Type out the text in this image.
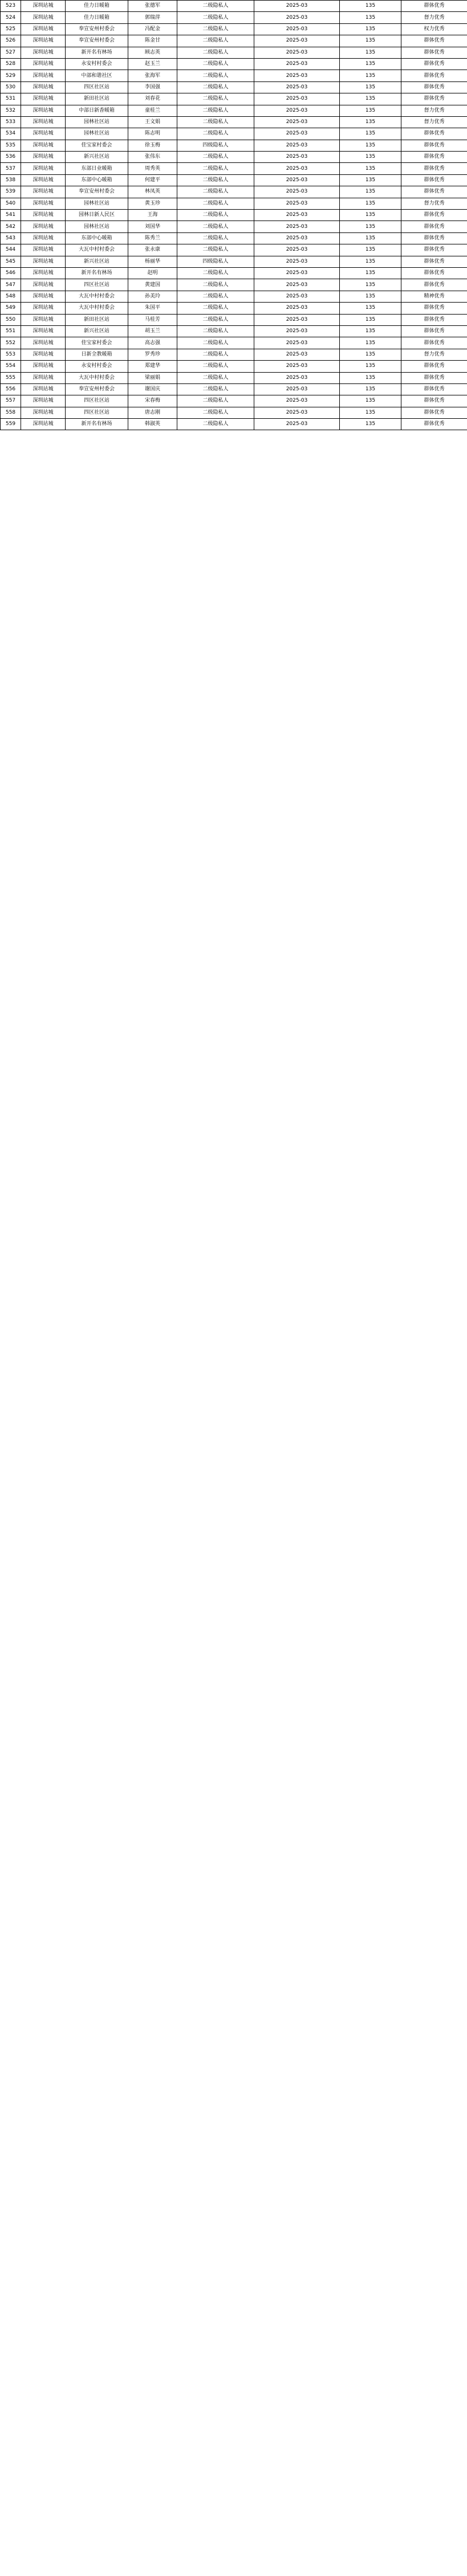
523	深圳站城	佳力日暖箱	张德军	二级隐私人	2025-03	135	群体优秀
524	深圳站城	佳力日暖箱	郭瑞萍	二级隐私人	2025-03	135	督力优秀
525	深圳站城	奉宣安州村委会	冯配金	二级隐私人	2025-03	135	权力优秀
526	深圳站城	奉宣安州村委会	陈金甘	二级隐私人	2025-03	135	群体优秀
527	深圳站城	新开名有林场	顾志英	二级隐私人	2025-03	135	群体优秀
528	深圳站城	永安村村委会	赵玉兰	二级隐私人	2025-03	135	群体优秀
529	深圳站城	中部和谐社区	张海军	二级隐私人	2025-03	135	群体优秀
530	深圳站城	四区社区站	李国强	二级隐私人	2025-03	135	群体优秀
531	深圳站城	新田社区站	刘春花	二级隐私人	2025-03	135	群体优秀
532	深圳站城	中部日新香暖箱	童桂兰	二级隐私人	2025-03	135	督力优秀
533	深圳站城	园林社区站	王文娟	二级隐私人	2025-03	135	督力优秀
534	深圳站城	园林社区站	陈志明	二级隐私人	2025-03	135	群体优秀
535	深圳站城	佳宝家村委会	徐玉梅	四级隐私人	2025-03	135	群体优秀
536	深圳站城	新兴社区站	张伟东	二级隐私人	2025-03	135	群体优秀
537	深圳站城	东部日业暖箱	周秀英	二级隐私人	2025-03	135	群体优秀
538	深圳站城	东部中心暖箱	何建平	二级隐私人	2025-03	135	群体优秀
539	深圳站城	奉宣安州村委会	林凤英	二级隐私人	2025-03	135	群体优秀
540	深圳站城	园林社区站	黄玉珍	二级隐私人	2025-03	135	督力优秀
541	深圳站城	园林日新人民区	王海	二级隐私人	2025-03	135	群体优秀
542	深圳站城	园林社区站	刘国华	二级隐私人	2025-03	135	群体优秀
543	深圳站城	东部中心暖箱	陈秀兰	二级隐私人	2025-03	135	群体优秀
544	深圳站城	大瓦中村村委会	张永康	二级隐私人	2025-03	135	群体优秀
545	深圳站城	新兴社区站	杨丽华	四级隐私人	2025-03	135	群体优秀
546	深圳站城	新开名有林场	赵明	二级隐私人	2025-03	135	群体优秀
547	深圳站城	四区社区站	黄建国	二级隐私人	2025-03	135	群体优秀
548	深圳站城	大瓦中村村委会	孙美玲	二级隐私人	2025-03	135	精神优秀
549	深圳站城	大瓦中村村委会	朱国平	二级隐私人	2025-03	135	群体优秀
550	深圳站城	新田社区站	马桂芳	二级隐私人	2025-03	135	群体优秀
551	深圳站城	新兴社区站	胡玉兰	二级隐私人	2025-03	135	群体优秀
552	深圳站城	佳宝家村委会	高志强	二级隐私人	2025-03	135	群体优秀
553	深圳站城	日新全教暖箱	罗秀珍	二级隐私人	2025-03	135	督力优秀
554	深圳站城	永安村村委会	郑建华	二级隐私人	2025-03	135	群体优秀
555	深圳站城	大瓦中村村委会	梁丽娟	二级隐私人	2025-03	135	群体优秀
556	深圳站城	奉宣安州村委会	谢国庆	二级隐私人	2025-03	135	群体优秀
557	深圳站城	四区社区站	宋春梅	二级隐私人	2025-03	135	群体优秀
558	深圳站城	四区社区站	唐志刚	二级隐私人	2025-03	135	群体优秀
559	深圳站城	新开名有林场	韩淑英	二级隐私人	2025-03	135	群体优秀
